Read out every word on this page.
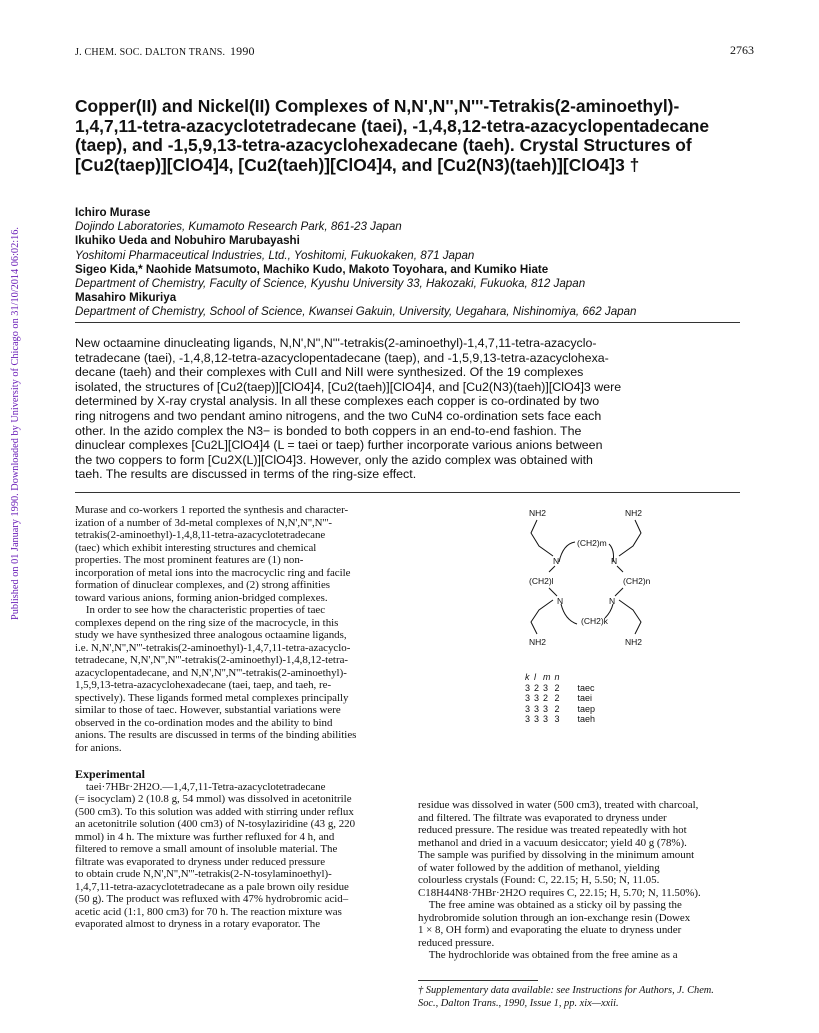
Published on 01 January 1990. Downloaded by University of Chicago on 31/10/2014 06:02:16.
J. CHEM. SOC. DALTON TRANS. 1990	2763
Copper(II) and Nickel(II) Complexes of N,N',N'',N'''-Tetrakis(2-aminoethyl)-
1,4,7,11-tetra-azacyclotetradecane (taei), -1,4,8,12-tetra-azacyclopentadecane
(taep), and -1,5,9,13-tetra-azacyclohexadecane (taeh). Crystal Structures of
[Cu2(taep)][ClO4]4, [Cu2(taeh)][ClO4]4, and [Cu2(N3)(taeh)][ClO4]3 †
Ichiro Murase
Dojindo Laboratories, Kumamoto Research Park, 861-23 Japan
Ikuhiko Ueda and Nobuhiro Marubayashi
Yoshitomi Pharmaceutical Industries, Ltd., Yoshitomi, Fukuokaken, 871 Japan
Sigeo Kida,* Naohide Matsumoto, Machiko Kudo, Makoto Toyohara, and Kumiko Hiate
Department of Chemistry, Faculty of Science, Kyushu University 33, Hakozaki, Fukuoka, 812 Japan
Masahiro Mikuriya
Department of Chemistry, School of Science, Kwansei Gakuin, University, Uegahara, Nishinomiya, 662 Japan
New octaamine dinucleating ligands, N,N',N'',N'''-tetrakis(2-aminoethyl)-1,4,7,11-tetra-azacyclo-
tetradecane (taei), -1,4,8,12-tetra-azacyclopentadecane (taep), and -1,5,9,13-tetra-azacyclohexa-
decane (taeh) and their complexes with CuII and NiII were synthesized. Of the 19 complexes
isolated, the structures of [Cu2(taep)][ClO4]4, [Cu2(taeh)][ClO4]4, and [Cu2(N3)(taeh)][ClO4]3 were
determined by X-ray crystal analysis. In all these complexes each copper is co-ordinated by two
ring nitrogens and two pendant amino nitrogens, and the two CuN4 co-ordination sets face each
other. In the azido complex the N3− is bonded to both coppers in an end-to-end fashion. The
dinuclear complexes [Cu2L][ClO4]4 (L = taei or taep) further incorporate various anions between
the two coppers to form [Cu2X(L)][ClO4]3. However, only the azido complex was obtained with
taeh. The results are discussed in terms of the ring-size effect.
Murase and co-workers 1 reported the synthesis and character-
ization of a number of 3d-metal complexes of N,N',N'',N'''-
tetrakis(2-aminoethyl)-1,4,8,11-tetra-azacyclotetradecane
(taec) which exhibit interesting structures and chemical
properties. The most prominent features are (1) non-
incorporation of metal ions into the macrocyclic ring and facile
formation of dinuclear complexes, and (2) strong affinities
toward various anions, forming anion-bridged complexes.
In order to see how the characteristic properties of taec
complexes depend on the ring size of the macrocycle, in this
study we have synthesized three analogous octaamine ligands,
i.e. N,N',N'',N'''-tetrakis(2-aminoethyl)-1,4,7,11-tetra-azacyclo-
tetradecane, N,N',N'',N'''-tetrakis(2-aminoethyl)-1,4,8,12-tetra-
azacyclopentadecane, and N,N',N'',N'''-tetrakis(2-aminoethyl)-
1,5,9,13-tetra-azacyclohexadecane (taei, taep, and taeh, re-
spectively). These ligands formed metal complexes principally
similar to those of taec. However, substantial variations were
observed in the co-ordination modes and the ability to bind
anions. The results are discussed in terms of the binding abilities
for anions.
Experimental
taei·7HBr·2H2O.—1,4,7,11-Tetra-azacyclotetradecane
(= isocyclam) 2 (10.8 g, 54 mmol) was dissolved in acetonitrile
(500 cm3). To this solution was added with stirring under reflux
an acetonitrile solution (400 cm3) of N-tosylaziridine (43 g, 220
mmol) in 4 h. The mixture was further refluxed for 4 h, and
filtered to remove a small amount of insoluble material. The
filtrate was evaporated to dryness under reduced pressure
to obtain crude N,N',N'',N'''-tetrakis(2-N-tosylaminoethyl)-
1,4,7,11-tetra-azacyclotetradecane as a pale brown oily residue
(50 g). The product was refluxed with 47% hydrobromic acid–
acetic acid (1:1, 800 cm3) for 70 h. The reaction mixture was
evaporated almost to dryness in a rotary evaporator. The
NH2	NH2
(CH2)m
N	N
(CH2)l	(CH2)n
N	N
(CH2)k
NH2	NH2
k	l	m	n	
3	2	3	2	taec
3	3	2	2	taei
3	3	3	2	taep
3	3	3	3	taeh
residue was dissolved in water (500 cm3), treated with charcoal,
and filtered. The filtrate was evaporated to dryness under
reduced pressure. The residue was treated repeatedly with hot
methanol and dried in a vacuum desiccator; yield 40 g (78%).
The sample was purified by dissolving in the minimum amount
of water followed by the addition of methanol, yielding
colourless crystals (Found: C, 22.15; H, 5.50; N, 11.05.
C18H44N8·7HBr·2H2O requires C, 22.15; H, 5.70; N, 11.50%).
The free amine was obtained as a sticky oil by passing the
hydrobromide solution through an ion-exchange resin (Dowex
1 × 8, OH form) and evaporating the eluate to dryness under
reduced pressure.
The hydrochloride was obtained from the free amine as a
† Supplementary data available: see Instructions for Authors, J. Chem.
Soc., Dalton Trans., 1990, Issue 1, pp. xix—xxii.
